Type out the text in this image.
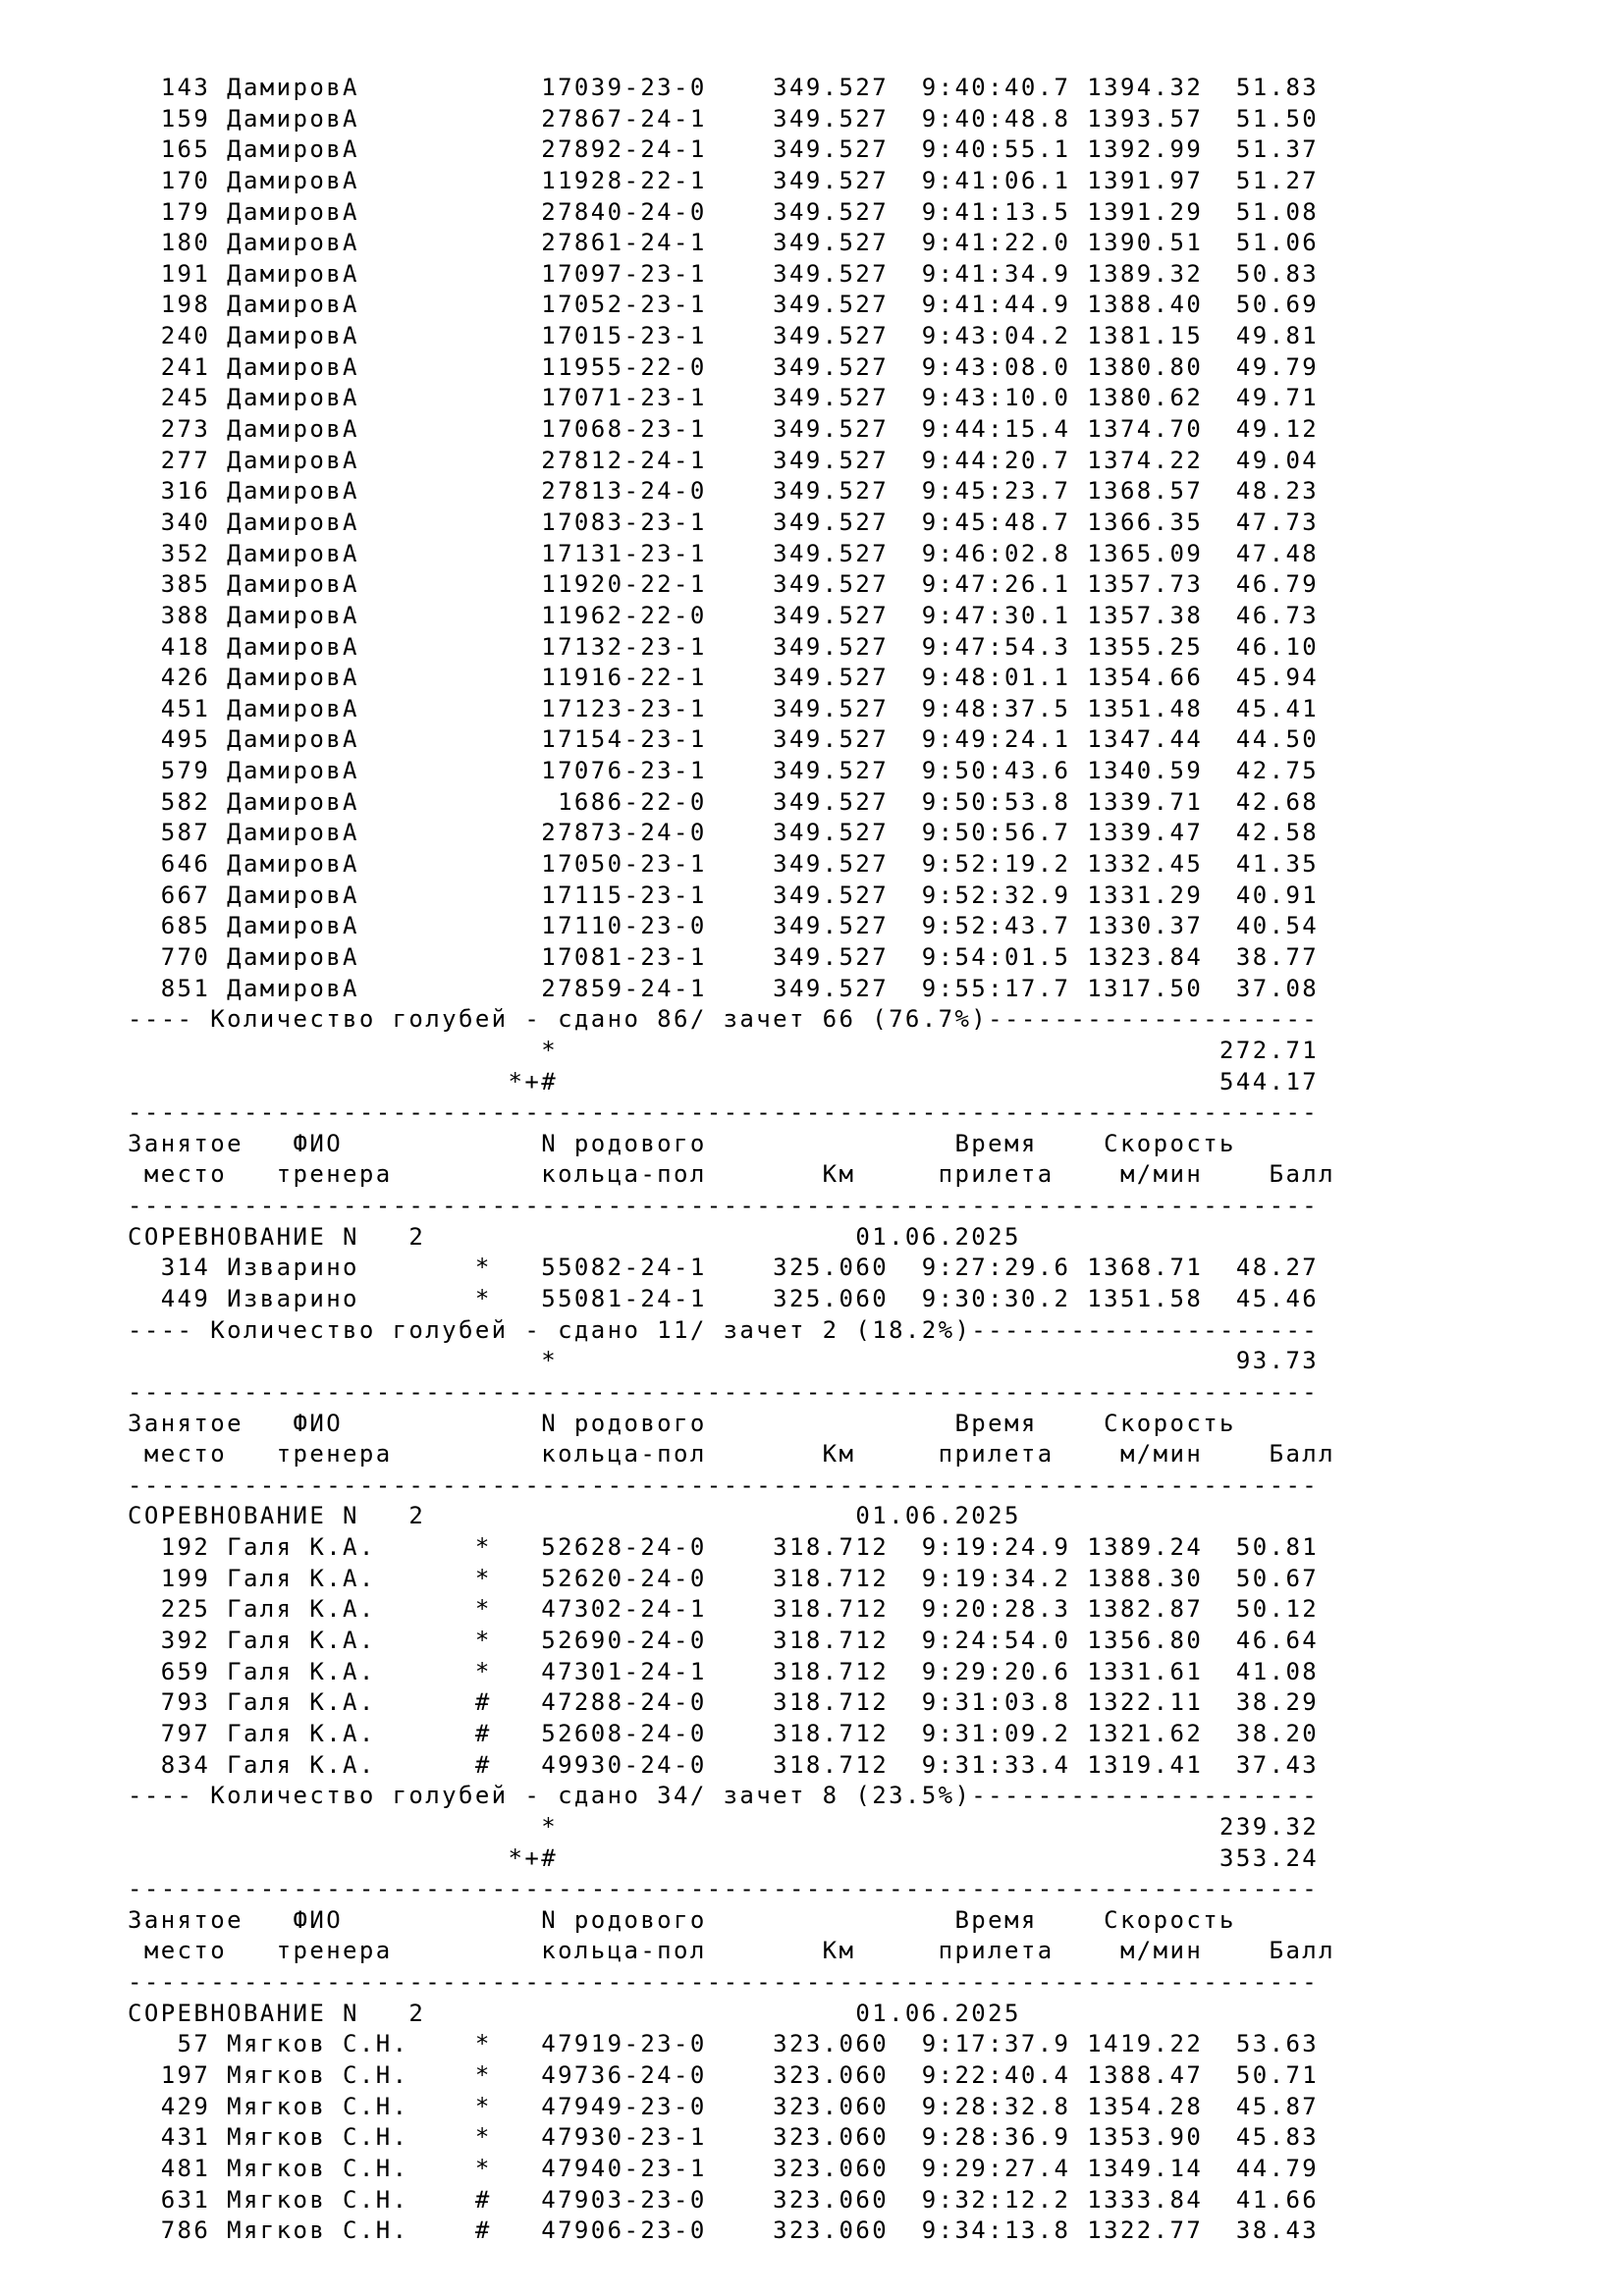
143 ДамировА           17039-23-0    349.527  9:40:40.7 1394.32  51.83
159 ДамировА           27867-24-1    349.527  9:40:48.8 1393.57  51.50
165 ДамировА           27892-24-1    349.527  9:40:55.1 1392.99  51.37
170 ДамировА           11928-22-1    349.527  9:41:06.1 1391.97  51.27
179 ДамировА           27840-24-0    349.527  9:41:13.5 1391.29  51.08
180 ДамировА           27861-24-1    349.527  9:41:22.0 1390.51  51.06
191 ДамировА           17097-23-1    349.527  9:41:34.9 1389.32  50.83
198 ДамировА           17052-23-1    349.527  9:41:44.9 1388.40  50.69
240 ДамировА           17015-23-1    349.527  9:43:04.2 1381.15  49.81
241 ДамировА           11955-22-0    349.527  9:43:08.0 1380.80  49.79
245 ДамировА           17071-23-1    349.527  9:43:10.0 1380.62  49.71
273 ДамировА           17068-23-1    349.527  9:44:15.4 1374.70  49.12
277 ДамировА           27812-24-1    349.527  9:44:20.7 1374.22  49.04
316 ДамировА           27813-24-0    349.527  9:45:23.7 1368.57  48.23
340 ДамировА           17083-23-1    349.527  9:45:48.7 1366.35  47.73
352 ДамировА           17131-23-1    349.527  9:46:02.8 1365.09  47.48
385 ДамировА           11920-22-1    349.527  9:47:26.1 1357.73  46.79
388 ДамировА           11962-22-0    349.527  9:47:30.1 1357.38  46.73
418 ДамировА           17132-23-1    349.527  9:47:54.3 1355.25  46.10
426 ДамировА           11916-22-1    349.527  9:48:01.1 1354.66  45.94
451 ДамировА           17123-23-1    349.527  9:48:37.5 1351.48  45.41
495 ДамировА           17154-23-1    349.527  9:49:24.1 1347.44  44.50
579 ДамировА           17076-23-1    349.527  9:50:43.6 1340.59  42.75
582 ДамировА            1686-22-0    349.527  9:50:53.8 1339.71  42.68
587 ДамировА           27873-24-0    349.527  9:50:56.7 1339.47  42.58
646 ДамировА           17050-23-1    349.527  9:52:19.2 1332.45  41.35
667 ДамировА           17115-23-1    349.527  9:52:32.9 1331.29  40.91
685 ДамировА           17110-23-0    349.527  9:52:43.7 1330.37  40.54
770 ДамировА           17081-23-1    349.527  9:54:01.5 1323.84  38.77
851 ДамировА           27859-24-1    349.527  9:55:17.7 1317.50  37.08
---- Количество голубей - сдано 86/ зачет 66 (76.7%)--------------------
*                                        272.71
*+#                                        544.17
------------------------------------------------------------------------
Занятое   ФИО            N родового               Время    Скорость
место   тренера         кольца-пол       Км     прилета    м/мин    Балл
------------------------------------------------------------------------
СОРЕВНОВАНИЕ N   2                          01.06.2025
314 Изварино       *   55082-24-1    325.060  9:27:29.6 1368.71  48.27
449 Изварино       *   55081-24-1    325.060  9:30:30.2 1351.58  45.46
---- Количество голубей - сдано 11/ зачет 2 (18.2%)---------------------
*                                         93.73
------------------------------------------------------------------------
Занятое   ФИО            N родового               Время    Скорость
место   тренера         кольца-пол       Км     прилета    м/мин    Балл
------------------------------------------------------------------------
СОРЕВНОВАНИЕ N   2                          01.06.2025
192 Галя К.А.      *   52628-24-0    318.712  9:19:24.9 1389.24  50.81
199 Галя К.А.      *   52620-24-0    318.712  9:19:34.2 1388.30  50.67
225 Галя К.А.      *   47302-24-1    318.712  9:20:28.3 1382.87  50.12
392 Галя К.А.      *   52690-24-0    318.712  9:24:54.0 1356.80  46.64
659 Галя К.А.      *   47301-24-1    318.712  9:29:20.6 1331.61  41.08
793 Галя К.А.      #   47288-24-0    318.712  9:31:03.8 1322.11  38.29
797 Галя К.А.      #   52608-24-0    318.712  9:31:09.2 1321.62  38.20
834 Галя К.А.      #   49930-24-0    318.712  9:31:33.4 1319.41  37.43
---- Количество голубей - сдано 34/ зачет 8 (23.5%)---------------------
*                                        239.32
*+#                                        353.24
------------------------------------------------------------------------
Занятое   ФИО            N родового               Время    Скорость
место   тренера         кольца-пол       Км     прилета    м/мин    Балл
------------------------------------------------------------------------
СОРЕВНОВАНИЕ N   2                          01.06.2025
57 Мягков С.Н.    *   47919-23-0    323.060  9:17:37.9 1419.22  53.63
197 Мягков С.Н.    *   49736-24-0    323.060  9:22:40.4 1388.47  50.71
429 Мягков С.Н.    *   47949-23-0    323.060  9:28:32.8 1354.28  45.87
431 Мягков С.Н.    *   47930-23-1    323.060  9:28:36.9 1353.90  45.83
481 Мягков С.Н.    *   47940-23-1    323.060  9:29:27.4 1349.14  44.79
631 Мягков С.Н.    #   47903-23-0    323.060  9:32:12.2 1333.84  41.66
786 Мягков С.Н.    #   47906-23-0    323.060  9:34:13.8 1322.77  38.43
